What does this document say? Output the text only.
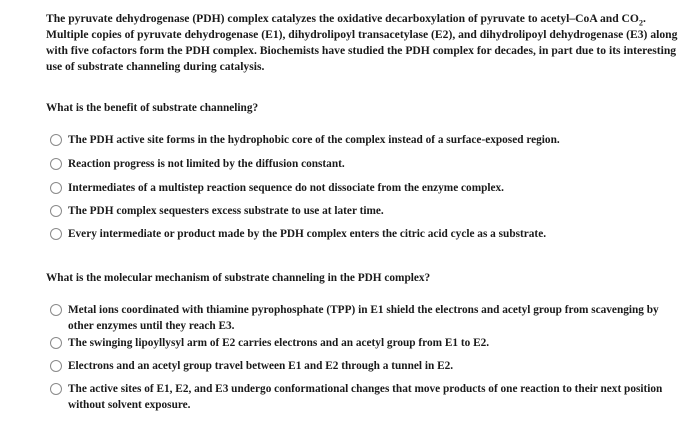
The pyruvate dehydrogenase (PDH) complex catalyzes the oxidative decarboxylation of pyruvate to acetyl–CoA and $CO_2$. Multiple copies of pyruvate dehydrogenase (E1), dihydrolipoyl transacetylase (E2), and dihydrolipoyl dehydrogenase (E3) along with five cofactors form the PDH complex. Biochemists have studied the PDH complex for decades, in part due to its interesting use of substrate channeling during catalysis.

What is the benefit of substrate channeling?

The PDH active site forms in the hydrophobic core of the complex instead of a surface-exposed region.
Reaction progress is not limited by the diffusion constant.
Intermediates of a multistep reaction sequence do not dissociate from the enzyme complex.
The PDH complex sequesters excess substrate to use at later time.
Every intermediate or product made by the PDH complex enters the citric acid cycle as a substrate.

What is the molecular mechanism of substrate channeling in the PDH complex?

Metal ions coordinated with thiamine pyrophosphate (TPP) in E1 shield the electrons and acetyl group from scavenging by other enzymes until they reach E3.
The swinging lipoyllysyl arm of E2 carries electrons and an acetyl group from E1 to E2.
Electrons and an acetyl group travel between E1 and E2 through a tunnel in E2.
The active sites of E1, E2, and E3 undergo conformational changes that move products of one reaction to their next position without solvent exposure.
